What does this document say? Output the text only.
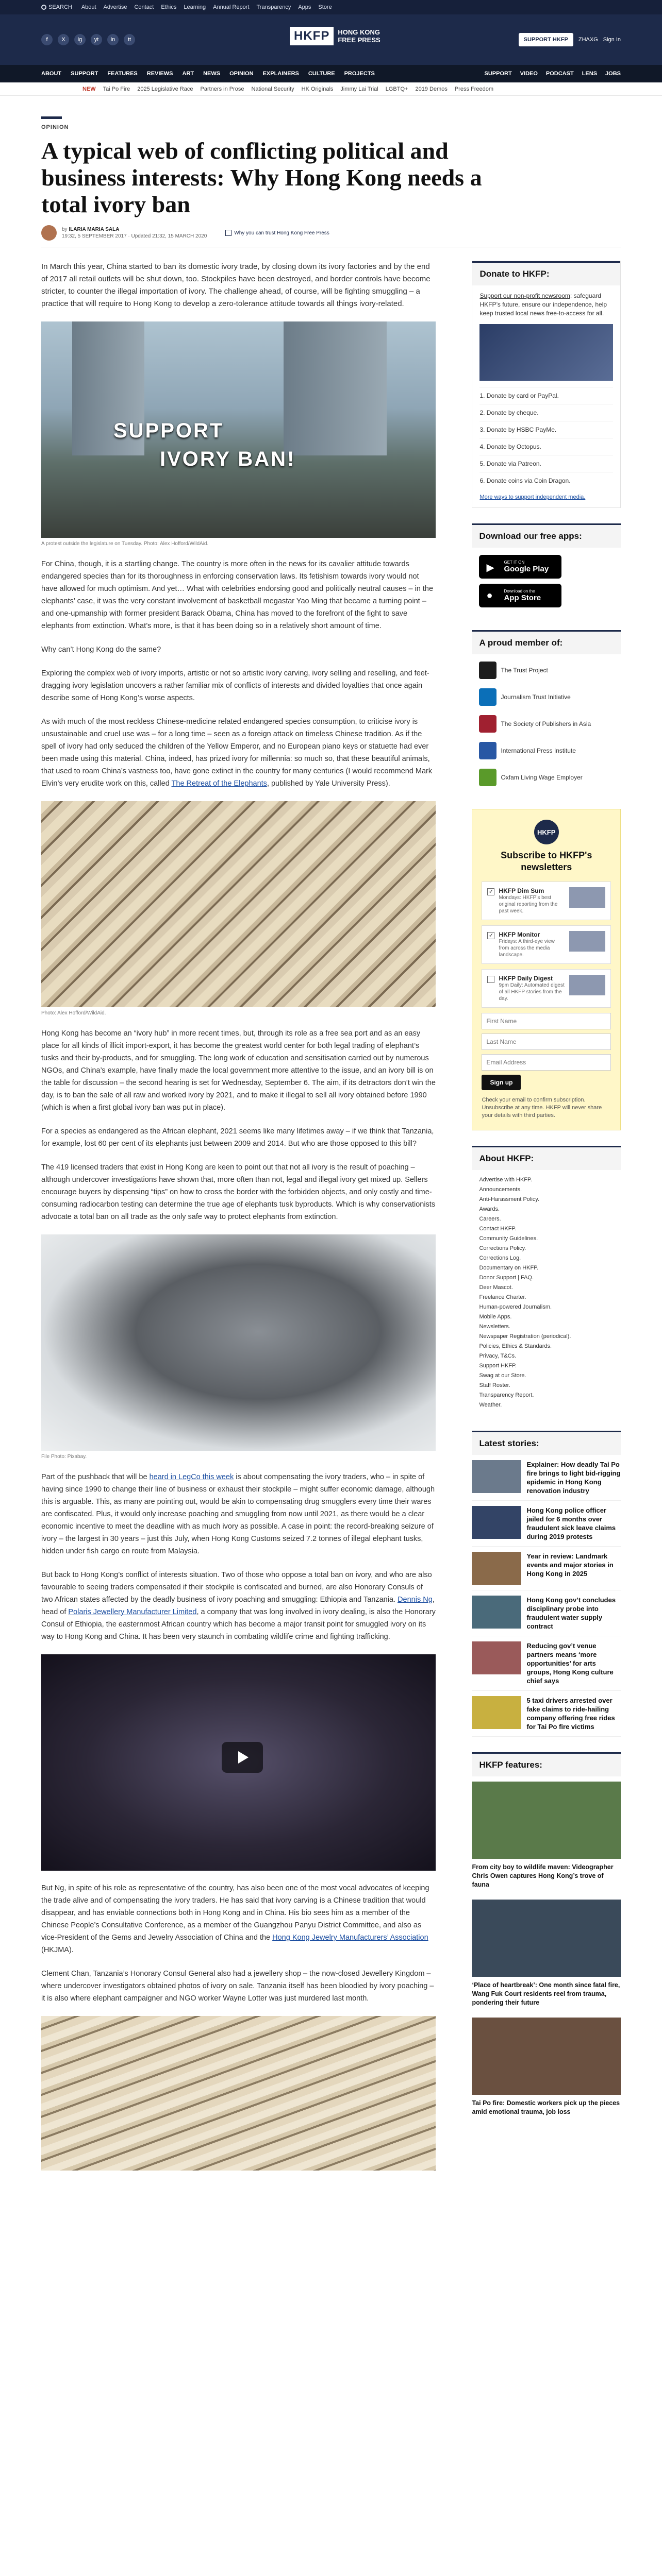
SEARCH About Advertise Contact Ethics Learning Annual Report Transparency Apps Store
f	X	ig	yt	in	tt	HKFP	HONG KONG
FREE PRESS	SUPPORT HKFP	ZHAXG Sign In
ABOUT SUPPORT FEATURES REVIEWS ART NEWS OPINION EXPLAINERS CULTURE PROJECTS	SUPPORT VIDEO PODCAST LENS JOBS
NEW Tai Po Fire 2025 Legislative Race Partners in Prose National Security HK Originals Jimmy Lai Trial LGBTQ+ 2019 Demos Press Freedom
OPINION
A typical web of conflicting political and business interests: Why Hong Kong needs a total ivory ban
by ILARIA MARIA SALA
19:32, 5 SEPTEMBER 2017 · Updated 21:32, 15 MARCH 2020
Why you can trust Hong Kong Free Press

In March this year, China started to ban its domestic ivory trade, by closing down its ivory factories and by the end of 2017 all retail outlets will be shut down, too. Stockpiles have been destroyed, and border controls have become stricter, to counter the illegal importation of ivory. The challenge ahead, of course, will be fighting smuggling – a practice that will require to Hong Kong to develop a zero-tolerance attitude towards all things ivory-related.

SUPPORT
IVORY BAN!
A protest outside the legislature on Tuesday. Photo: Alex Hofford/WildAid.

For China, though, it is a startling change. The country is more often in the news for its cavalier attitude towards endangered species than for its thoroughness in enforcing conservation laws. Its fetishism towards ivory would not have allowed for much optimism. And yet… What with celebrities endorsing good and politically neutral causes – in the elephants’ case, it was the very constant involvement of basketball megastar Yao Ming that became a turning point – and one-upmanship with former president Barack Obama, China has moved to the forefront of the fight to save elephants from extinction. What’s more, is that it has been doing so in a relatively short amount of time.

Why can’t Hong Kong do the same?

Exploring the complex web of ivory imports, artistic or not so artistic ivory carving, ivory selling and reselling, and feet-dragging ivory legislation uncovers a rather familiar mix of conflicts of interests and divided loyalties that once again describe some of Hong Kong’s worse aspects.

As with much of the most reckless Chinese-medicine related endangered species consumption, to criticise ivory is unsustainable and cruel use was – for a long time – seen as a foreign attack on timeless Chinese tradition. As if the spell of ivory had only seduced the children of the Yellow Emperor, and no European piano keys or statuette had ever been made using this material. China, indeed, has prized ivory for millennia: so much so, that these beautiful animals, that used to roam China’s vastness too, have gone extinct in the country for many centuries (I would recommend Mark Elvin’s very erudite work on this, called The Retreat of the Elephants, published by Yale University Press).

Photo: Alex Hofford/WildAid.

Hong Kong has become an “ivory hub” in more recent times, but, through its role as a free sea port and as an easy place for all kinds of illicit import-export, it has become the greatest world center for both legal trading of elephant’s tusks and their by-products, and for smuggling. The long work of education and sensitisation carried out by numerous NGOs, and China’s example, have finally made the local government more attentive to the issue, and an ivory bill is on the table for discussion – the second hearing is set for Wednesday, September 6. The aim, if its detractors don’t win the day, is to ban the sale of all raw and worked ivory by 2021, and to make it illegal to sell all ivory obtained before 1990 (which is when a first global ivory ban was put in place).

For a species as endangered as the African elephant, 2021 seems like many lifetimes away – if we think that Tanzania, for example, lost 60 per cent of its elephants just between 2009 and 2014. But who are those opposed to this bill?

The 419 licensed traders that exist in Hong Kong are keen to point out that not all ivory is the result of poaching – although undercover investigations have shown that, more often than not, legal and illegal ivory get mixed up. Sellers encourage buyers by dispensing “tips” on how to cross the border with the forbidden objects, and only costly and time-consuming radiocarbon testing can determine the true age of elephants tusk byproducts. Which is why conservationists advocate a total ban on all trade as the only safe way to protect elephants from extinction.

File Photo: Pixabay.

Part of the pushback that will be heard in LegCo this week is about compensating the ivory traders, who – in spite of having since 1990 to change their line of business or exhaust their stockpile – might suffer economic damage, although this is arguable. This, as many are pointing out, would be akin to compensating drug smugglers every time their wares are confiscated. Plus, it would only increase poaching and smuggling from now until 2021, as there would be a clear economic incentive to meet the deadline with as much ivory as possible. A case in point: the record-breaking seizure of ivory – the largest in 30 years – just this July, when Hong Kong Customs seized 7.2 tonnes of illegal elephant tusks, hidden under fish cargo en route from Malaysia.

But back to Hong Kong’s conflict of interests situation. Two of those who oppose a total ban on ivory, and who are also favourable to seeing traders compensated if their stockpile is confiscated and burned, are also Honorary Consuls of two African states affected by the deadly business of ivory poaching and smuggling: Ethiopia and Tanzania. Dennis Ng, head of Polaris Jewellery Manufacturer Limited, a company that was long involved in ivory dealing, is also the Honorary Consul of Ethiopia, the easternmost African country which has become a major transit point for smuggled ivory on its way to Hong Kong and China. It has been very staunch in combating wildlife crime and fighting trafficking.

But Ng, in spite of his role as representative of the country, has also been one of the most vocal advocates of keeping the trade alive and of compensating the ivory traders. He has said that ivory carving is a Chinese tradition that would disappear, and has enviable connections both in Hong Kong and in China. His bio sees him as a member of the Chinese People’s Consultative Conference, as a member of the Guangzhou Panyu District Committee, and also as vice-President of the Gems and Jewelry Association of China and the Hong Kong Jewelry Manufacturers’ Association (HKJMA).

Clement Chan, Tanzania’s Honorary Consul General also had a jewellery shop – the now-closed Jewellery Kingdom – where undercover investigators obtained photos of ivory on sale. Tanzania itself has been bloodied by ivory poaching – it is also where elephant campaigner and NGO worker Wayne Lotter was just murdered last month.

Donate to HKFP:
Support our non-profit newsroom: safeguard HKFP’s future, ensure our independence, help keep trusted local news free-to-access for all.
1. Donate by card or PayPal.
2. Donate by cheque.
3. Donate by HSBC PayMe.
4. Donate by Octopus.
5. Donate via Patreon.
6. Donate coins via Coin Dragon.
More ways to support independent media.
Download our free apps:
▶ GET IT ON
Google Play
●	Download on the
App Store
A proud member of:
The Trust Project
Journalism Trust Initiative
The Society of Publishers in Asia
International Press Institute
Oxfam Living Wage Employer
HKFP
Subscribe to HKFP's newsletters
✓ HKFP Dim Sum
Mondays: HKFP’s best original reporting from the past week.
✓ HKFP Monitor
Fridays: A third-eye view from across the media landscape.
HKFP Daily Digest
9pm Daily: Automated digest of all HKFP stories from the day.
First Name Last Name Email Address
Sign up
Check your email to confirm subscription. Unsubscribe at any time. HKFP will never share your details with third parties.
About HKFP:
Advertise with HKFP.
Announcements.
Anti-Harassment Policy.
Awards.
Careers.
Contact HKFP.
Community Guidelines.
Corrections Policy.
Corrections Log.
Documentary on HKFP.
Donor Support | FAQ.
Deer Mascot.
Freelance Charter.
Human-powered Journalism.
Mobile Apps.
Newsletters.
Newspaper Registration (periodical).
Policies, Ethics & Standards.
Privacy, T&Cs.
Support HKFP.
Swag at our Store.
Staff Roster.
Transparency Report.
Weather.
Latest stories:
Explainer: How deadly Tai Po fire brings to light bid-rigging epidemic in Hong Kong renovation industry
Hong Kong police officer jailed for 6 months over fraudulent sick leave claims during 2019 protests
Year in review: Landmark events and major stories in Hong Kong in 2025
Hong Kong gov’t concludes disciplinary probe into fraudulent water supply contract
Reducing gov’t venue partners means ‘more opportunities’ for arts groups, Hong Kong culture chief says
5 taxi drivers arrested over fake claims to ride-hailing company offering free rides for Tai Po fire victims
HKFP features:
From city boy to wildlife maven: Videographer Chris Owen captures Hong Kong’s trove of fauna
‘Place of heartbreak’: One month since fatal fire, Wang Fuk Court residents reel from trauma, pondering their future
Tai Po fire: Domestic workers pick up the pieces amid emotional trauma, job loss
